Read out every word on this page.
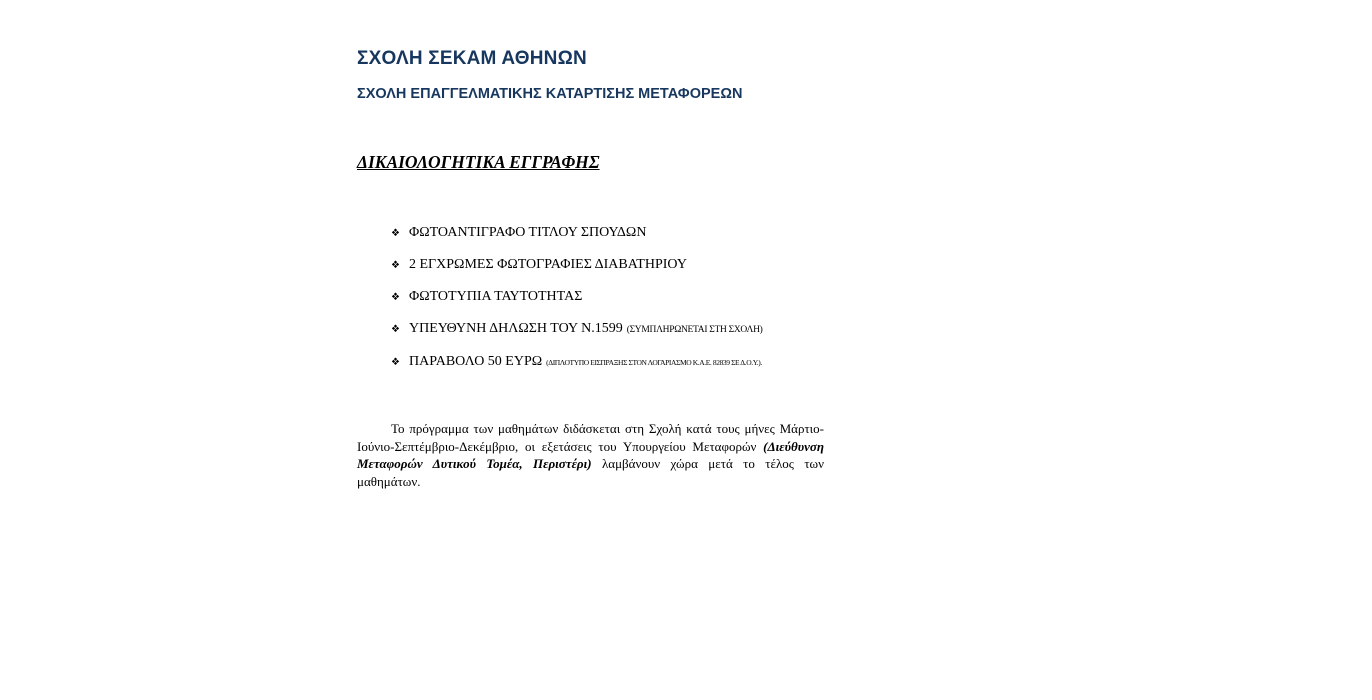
ΣΧΟΛΗ ΣΕΚΑΜ ΑΘΗΝΩΝ
ΣΧΟΛΗ ΕΠΑΓΓΕΛΜΑΤΙΚΗΣ ΚΑΤΑΡΤΙΣΗΣ ΜΕΤΑΦΟΡΕΩΝ
ΔΙΚΑΙΟΛΟΓΗΤΙΚΑ ΕΓΓΡΑΦΗΣ
❖ ΦΩΤΟΑΝΤΙΓΡΑΦΟ ΤΙΤΛΟΥ ΣΠΟΥΔΩΝ
❖ 2 ΕΓΧΡΩΜΕΣ ΦΩΤΟΓΡΑΦΙΕΣ ΔΙΑΒΑΤΗΡΙΟΥ
❖ ΦΩΤΟΤΥΠΙΑ ΤΑΥΤΟΤΗΤΑΣ
❖ ΥΠΕΥΘΥΝΗ ΔΗΛΩΣΗ ΤΟΥ Ν.1599 (ΣΥΜΠΛΗΡΩΝΕΤΑΙ ΣΤΗ ΣΧΟΛΗ)
❖ ΠΑΡΑΒΟΛΟ 50 ΕΥΡΩ (ΔΙΠΛΟΤΥΠΟ ΕΙΣΠΡΑΞΗΣ ΣΤΟΝ ΛΟΓΑΡΙΑΣΜΟ Κ.Α.Ε. 82839 ΣΕ Δ.Ο.Υ.).

Το πρόγραμμα των μαθημάτων διδάσκεται στη Σχολή κατά τους μήνες Μάρτιο-Ιούνιο-Σεπτέμβριο-Δεκέμβριο, οι εξετάσεις του Υπουργείου Μεταφορών (Διεύθυνση Μεταφορών Δυτικού Τομέα, Περιστέρι) λαμβάνουν χώρα μετά το τέλος των μαθημάτων.
